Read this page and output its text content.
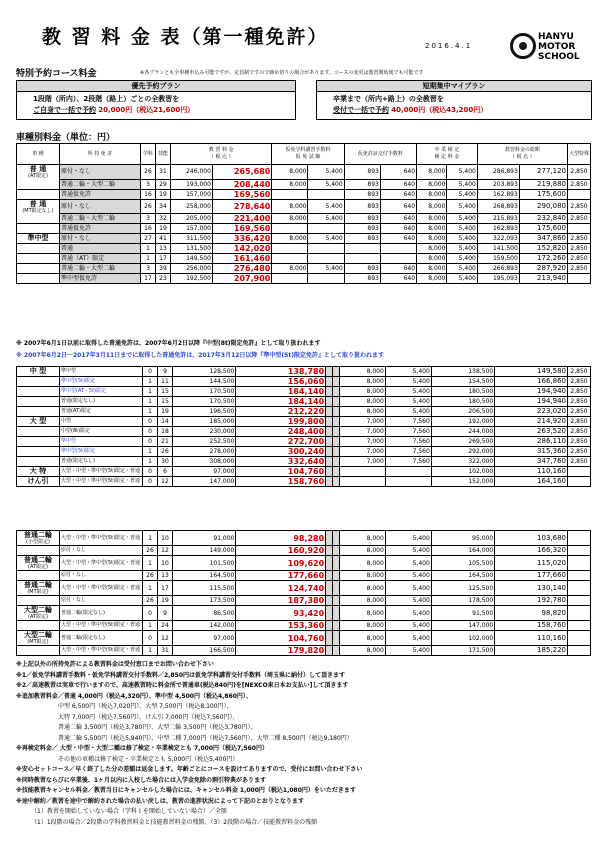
教 習 料 金 表（第一種免許）	2016.4.1
HANYU
MOTOR
SCHOOL
特別予約コース料金	※各プランとも全車種申込み可能ですが、定員制ですので締め切りの場合があります。コースの変更は教習開始後でも可能です
優先予約プラン
1段階（所内）、2段階（路上）ごとの全教習を
ご自身で一括で予約 20,000円（税込21,600円）
短期集中マイプラン
卒業まで（所内+路上）の全教習を
受付で一括で予約 40,000円（税込43,200円）
車種別料金（単位：円）
車 種	所 持 免 許	学科	技能	教 習 料 金
（ 税 込 ）		仮免学科講習手数料
仮 免 試 験		仮免許証交付手数料		卒 業 検 定
検 定 料 金		教習料金の総額
（ 税 込 ）		大型特殊
普 通
(AT限定)	原付・なし	26	31	246,000	265,680	8,000	5,400	893	640	8,000	5,400	286,893	277,120	2,850
	普通二輪・大型二輪	3	29	193,000	208,440	8,000	5,400	893	640	8,000	5,400	203,893	219,880	2,850
	普通仮免許	16	19	157,000	169,560			893	640	8,000	5,400	162,893	175,600	
普 通
(MT限定なし)	原付・なし	26	34	258,000	278,640	8,000	5,400	893	640	8,000	5,400	268,893	290,080	2,850
	普通二輪・大型二輪	3	32	205,000	221,400	8,000	5,400	893	640	8,000	5,400	215,893	232,840	2,850
	普通仮免許	16	19	157,000	169,560			893	640	8,000	5,400	162,893	175,600	
準中型	原付・なし	27	41	311,500	336,420	8,000	5,400	893	640	8,000	5,400	322,093	347,860	2,850
	普通	1	13	131,500	142,020					8,000	5,400	141,500	152,820	2,850
	普通（AT）限定	1	17	149,500	161,460					8,000	5,400	159,500	172,260	2,850
	普通二輪・大型二輪	3	39	256,000	276,480	8,000	5,400	893	640	8,000	5,400	266,893	287,920	2,850
	準中型仮免許	17	23	192,500	207,900			893	640	8,000	5,400	195,093	213,940	
※ 2007年6月1日以前に取得した普通免許は、2007年6月2日以降『中型(8t)限定免許』として取り扱われます
※ 2007年6月2日〜2017年3月11日までに取得した普通免許は、2017年3月12日以降『準中型(5t)限定免許』として取り扱われます
中 型	準中型	0	9	128,500	138,780			8,000	5,400	138,500	149,580	2,850
	準中型(5t)限定	1	11	144,500	156,060			8,000	5,400	154,500	166,860	2,850
	準中型(AT・5t)限定	1	15	170,500	184,140			8,000	5,400	180,500	194,940	2,850
	普通(限定なし)	1	15	170,500	184,140			8,000	5,400	180,500	194,940	2,850
	普通(AT)限定	1	19	196,500	212,220			8,000	5,400	206,500	223,020	2,850
大 型	中型	0	14	185,000	199,800			7,000	7,560	192,000	214,920	2,850
	中型(8t)限定	0	18	230,000	248,400			7,000	7,560	244,000	263,520	2,850
	準中型	0	21	252,500	272,700			7,000	7,560	269,500	286,110	2,850
	準中型(5t)限定	1	26	278,000	300,240			7,000	7,560	292,000	315,360	2,850
	普通(限定なし)	1	30	308,000	332,640			7,000	7,560	322,000	347,760	2,850
大 特	大型・中型・準中型(5t)限定・普通	0	6	97,000	104,760					102,000	110,160	
けん引	大型・中型・準中型(5t)限定・普通	0	12	147,000	158,760					152,000	164,160	
普通二輪
(小型限定)	大型・中型・準中型(5t)限定・普通	1	10	91,000	98,280			8,000	5,400	95,000	103,680	
	原付・なし	26	12	149,000	160,920			8,000	5,400	164,000	166,320	
普通二輪
(AT限定)	大型・中型・準中型(5t)限定・普通	1	10	101,500	109,620			8,000	5,400	105,500	115,020	
	原付・なし	26	13	164,500	177,660			8,000	5,400	164,500	177,660	
普通二輪
(MT限定)	大型・中型・準中型(5t)限定・普通	1	17	115,500	124,740			8,000	5,400	125,500	130,140	
	原付・なし	26	19	173,500	187,380			8,000	5,400	178,500	192,780	
大型二輪
(AT限定)	普通二輪(限定なし)	0	9	86,500	93,420			8,000	5,400	91,500	98,820	
	大型・中型・準中型(5t)限定・普通	1	24	142,000	153,360			8,000	5,400	147,000	158,760	
大型二輪
(MT限定)	普通二輪(限定なし)	0	12	97,000	104,760			8,000	5,400	102,000	110,160	
	大型・中型・準中型(5t)限定・普通	1	31	166,500	179,820			8,000	5,400	171,500	185,220	
※上記以外の所持免許による教習料金は受付窓口までお問い合わせ下さい
※1／仮免学科講習手数料・仮免学科講習交付手数料／2,850円は仮免学科講習交付手数料（埼玉県に納付）して頂きます
※2／高速教習は実車で行いますので、高速教習時に料金所で普通車(税込840円)を[NEXCO東日本お支払い]して頂きます
※追加教習料金／普通 4,000円（税込4,320円）、準中型 4,500円（税込4,860円）、
　　　　　　　中型 6,500円（税込7,020円）、大型 7,500円（税込8,100円）、
　　　　　　　大特 7,000円（税込7,560円）、けん引 7,000円（税込7,560円）、
　　　　　　　普通二輪 3,500円（税込3,780円）、大型二輪 3,500円（税込3,780円）、
　　　　　　　普通二輪 5,500円（税込5,940円）、中型二種 7,000円（税込7,560円）、大型二種 8,500円（税込9,180円）
※再検定料金／ 大型・中型・大型二種は修了検定・卒業検定とも 7,000円（税込7,560円）
　　　　　　　その他の車種は修了検定・卒業検定とも 5,000円（税込5,400円）
※安心セットコース／早く終了した分の差額は返金します。年齢ごとにコースを設けてありますので、受付にお問い合わせ下さい
※同時教習ならびに卒業後、1ヶ月以内に入校した場合には入学金免除の割引特典があります
※技能教習キャンセル料金／教習当日にキャンセルした場合には、キャンセル料金 1,000円（税込1,080円）をいただきます
※途中解約／教習を途中で解約された場合の払い戻しは、教習の進捗状況によって下記のとおりとなります
　　　（1）教習を開始していない場合（学科１を開始していない場合）／全額
　　　（1）1段階の場合／2段階の学科教習料金と技能教習料金の残額、（3）2段階の場合／技能教習料金の残額
